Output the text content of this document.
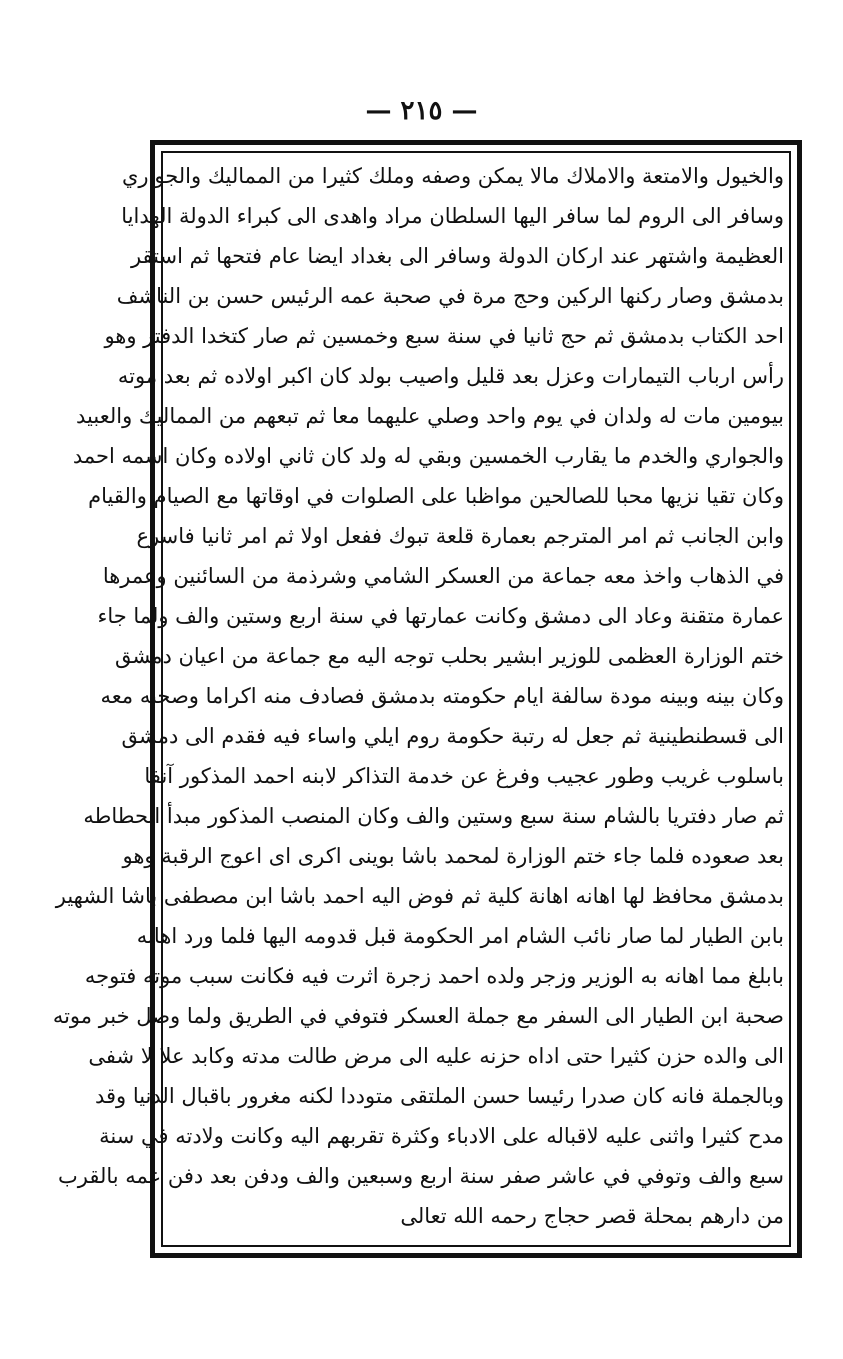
— ٢١٥ —
والخيول والامتعة والاملاك مالا يمكن وصفه وملك كثيرا من المماليك والجواري
وسافر الى الروم لما سافر اليها السلطان مراد واهدى الى كبراء الدولة الهدايا
العظيمة واشتهر عند اركان الدولة وسافر الى بغداد ايضا عام فتحها ثم استقر
بدمشق وصار ركنها الركين وحج مرة في صحبة عمه الرئيس حسن بن الناشف
احد الكتاب بدمشق ثم حج ثانيا في سنة سبع وخمسين ثم صار كتخدا الدفتر وهو
رأس ارباب التيمارات وعزل بعد قليل واصيب بولد كان اكبر اولاده ثم بعد موته
بيومين مات له ولدان في يوم واحد وصلي عليهما معا ثم تبعهم من المماليك والعبيد
والجواري والخدم ما يقارب الخمسين وبقي له ولد كان ثاني اولاده وكان اسمه احمد
وكان تقيا نزيها محبا للصالحين مواظبا على الصلوات في اوقاتها مع الصيام والقيام
وابن الجانب ثم امر المترجم بعمارة قلعة تبوك ففعل اولا ثم امر ثانيا فاسرع
في الذهاب واخذ معه جماعة من العسكر الشامي وشرذمة من السائنين وعمرها
عمارة متقنة وعاد الى دمشق وكانت عمارتها في سنة اربع وستين والف ولما جاء
ختم الوزارة العظمى للوزير ابشير بحلب توجه اليه مع جماعة من اعيان دمشق
وكان بينه وبينه مودة سالفة ايام حكومته بدمشق فصادف منه اكراما وصحبه معه
الى قسطنطينية ثم جعل له رتبة حكومة روم ايلي واساء فيه فقدم الى دمشق
باسلوب غريب وطور عجيب وفرغ عن خدمة التذاكر لابنه احمد المذكور آنفا
ثم صار دفتريا بالشام سنة سبع وستين والف وكان المنصب المذكور مبدأ انحطاطه
بعد صعوده فلما جاء ختم الوزارة لمحمد باشا بوينى اكرى اى اعوج الرقبة وهو
بدمشق محافظ لها اهانه اهانة كلية ثم فوض اليه احمد باشا ابن مصطفى باشا الشهير
بابن الطيار لما صار نائب الشام امر الحكومة قبل قدومه اليها فلما ورد اهانه
بابلغ مما اهانه به الوزير وزجر ولده احمد زجرة اثرت فيه فكانت سبب موته فتوجه
صحبة ابن الطيار الى السفر مع جملة العسكر فتوفي في الطريق ولما وصل خبر موته
الى والده حزن كثيرا حتى اداه حزنه عليه الى مرض طالت مدته وكابد علا لا شفى
وبالجملة فانه كان صدرا رئيسا حسن الملتقى متوددا لكنه مغرور باقبال الدنيا وقد
مدح كثيرا واثنى عليه لاقباله على الادباء وكثرة تقربهم اليه وكانت ولادته في سنة
سبع والف وتوفي في عاشر صفر سنة اربع وسبعين والف ودفن بعد دفن عمه بالقرب
من دارهم بمحلة قصر حجاج رحمه الله تعالى
